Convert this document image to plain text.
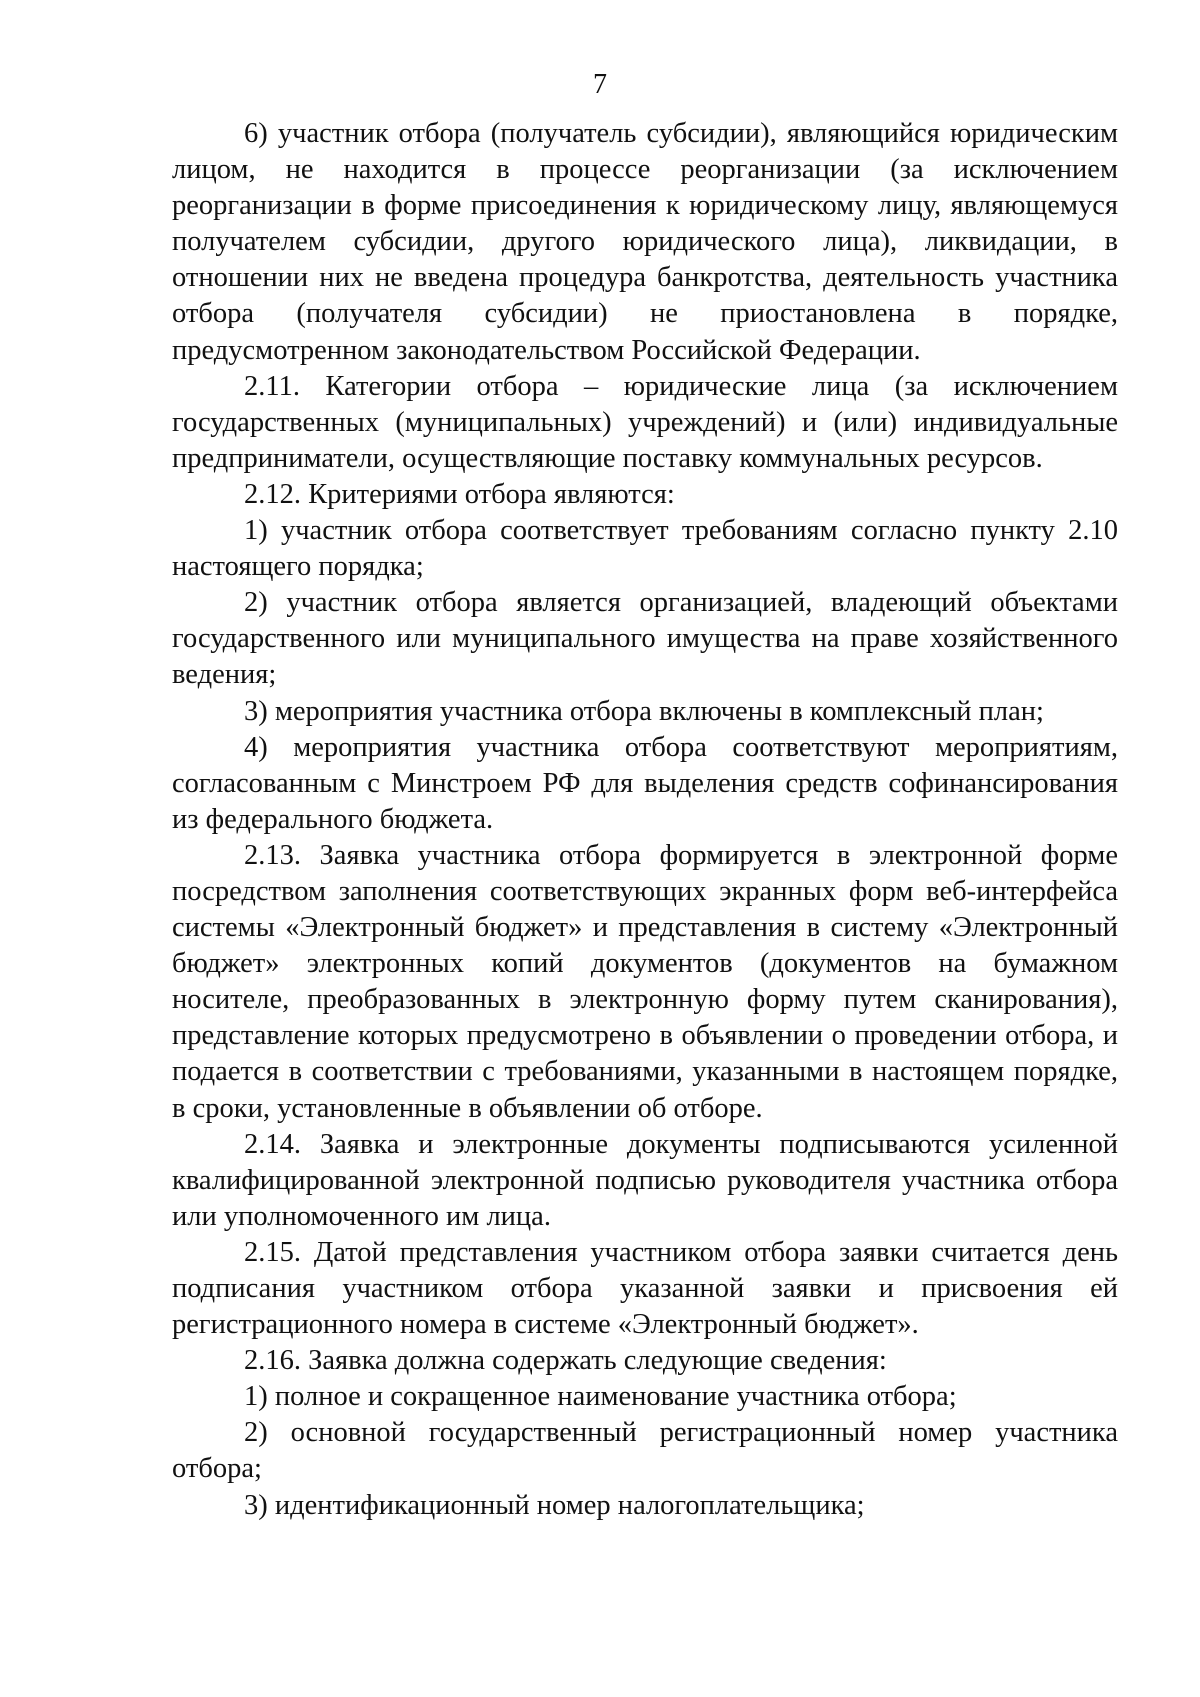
7

6) участник отбора (получатель субсидии), являющийся юридическим лицом, не находится в процессе реорганизации (за исключением реорганизации в форме присоединения к юридическому лицу, являющемуся получателем субсидии, другого юридического лица), ликвидации, в отношении них не введена процедура банкротства, деятельность участника отбора (получателя субсидии) не приостановлена в порядке, предусмотренном законодательством Российской Федерации.

2.11. Категории отбора – юридические лица (за исключением государственных (муниципальных) учреждений) и (или) индивидуальные предприниматели, осуществляющие поставку коммунальных ресурсов.

2.12. Критериями отбора являются:

1) участник отбора соответствует требованиям согласно пункту 2.10 настоящего порядка;

2) участник отбора является организацией, владеющий объектами государственного или муниципального имущества на праве хозяйственного ведения;

3) мероприятия участника отбора включены в комплексный план;

4) мероприятия участника отбора соответствуют мероприятиям, согласованным с Минстроем РФ для выделения средств софинансирования из федерального бюджета.

2.13. Заявка участника отбора формируется в электронной форме посредством заполнения соответствующих экранных форм веб-интерфейса системы «Электронный бюджет» и представления в систему «Электронный бюджет» электронных копий документов (документов на бумажном носителе, преобразованных в электронную форму путем сканирования), представление которых предусмотрено в объявлении о проведении отбора, и подается в соответствии с требованиями, указанными в настоящем порядке, в сроки, установленные в объявлении об отборе.

2.14. Заявка и электронные документы подписываются усиленной квалифицированной электронной подписью руководителя участника отбора или уполномоченного им лица.

2.15. Датой представления участником отбора заявки считается день подписания участником отбора указанной заявки и присвоения ей регистрационного номера в системе «Электронный бюджет».

2.16. Заявка должна содержать следующие сведения:

1) полное и сокращенное наименование участника отбора;

2) основной государственный регистрационный номер участника отбора;

3) идентификационный номер налогоплательщика;
